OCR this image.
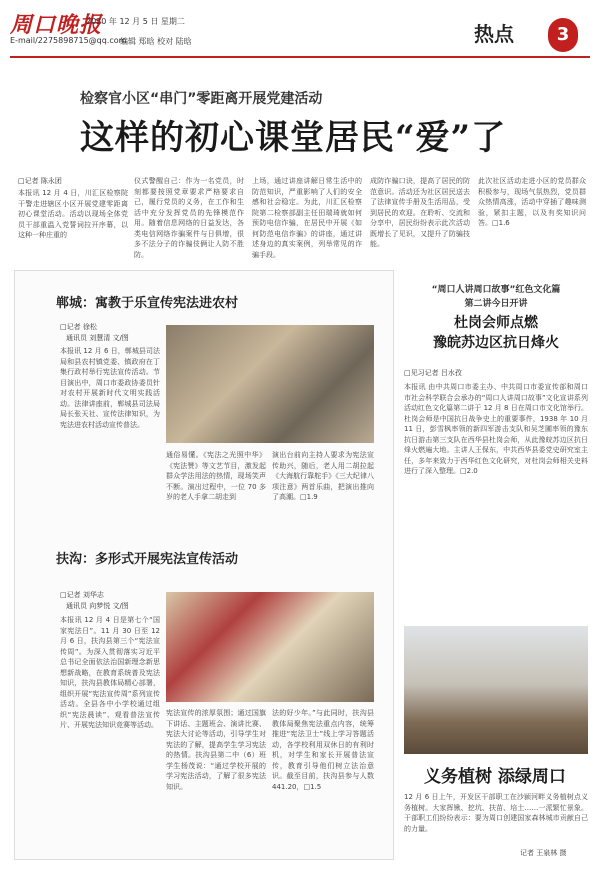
周口晚报
2020 年 12 月 5 日 星期二
E-mail/2275898715@qq.com
编辑 郑晗 校对 陆晗	热点	3
检察官小区“串门”零距离开展党建活动
这样的初心课堂居民“爱”了
□记者 陈永团
本报讯 12 月 4 日，川汇区检察院干警走进辖区小区开展党建零距离初心课堂活动。活动以现场全体党员干部重温入党誓词拉开序幕，以这种一种庄重的
仪式警醒自己：作为一名党员，时刻都要按照党章要求严格要求自己，履行党员的义务，在工作和生活中充分发挥党员的先锋模范作用。随着信息网络的日益发达，各类电信网络诈骗案件与日俱增，很多不法分子的诈骗伎俩让人防不胜防。
上场，通过讲座讲解日常生活中的防范知识，严重影响了人们的安全感和社会稳定。为此，川汇区检察院第二检察部副主任田瑞琦就如何预防电信诈骗，在居民中开展《如何防范电信诈骗》的讲座，通过讲述身边的真实案例，列举常见的诈骗手段。
成防诈骗口诀，提高了居民的防范意识。活动还为社区居民送去了法律宣传手册及生活用品，受到居民的欢迎。在聆听、交流和分享中，居民纷纷表示此次活动既增长了见识，又提升了防骗技能。
此次社区活动走进小区的党员群众积极参与，现场气氛热烈，党员群众热情高涨，活动中穿插了趣味测验，紧扣主题，以及有奖知识问答。□1.6
郸城：寓教于乐宣传宪法进农村
□记者 徐松
通讯员 刘慧清 文/图
本报讯 12 月 6 日，郸城县司法局和县农村镇党委、镇政府在丁集行政村举行宪法宣传活动。节目演出中，周口市委政协委员针对农村开展新时代文明实践活动。法律讲座前，郸城县司法局局长张天社、宣传法律知识，为宪法进农村活动宣传普法。
通俗易懂。《宪法之光照中华》《宪法赞》等文艺节目，激发起群众学法用法的热情，现场笑声不断。演出过程中，一位 70 多岁的老人手拿二胡走到
演出台前向主持人要求为宪法宣传助兴，随后，老人用二胡拉起《大海航行靠舵手》《三大纪律八项注意》两首乐曲，把演出推向了高潮。□1.9
扶沟：多形式开展宪法宣传活动
□记者 刘华志
通讯员 向梦悦 文/图
本报讯 12 月 4 日是第七个“国家宪法日”。11 月 30 日至 12 月 6 日，扶沟县第三个“宪法宣传周”。为深入贯彻落实习近平总书记全面依法治国新理念新思想新战略，在教育系统普及宪法知识，扶沟县教体局精心部署，组织开展“宪法宣传周”系列宣传活动。全县各中小学校通过组织“宪法晨读”、观看普法宣传片、开展宪法知识竞赛等活动。
宪法宣传的浓厚氛围；通过国旗下讲话、主题班会、演讲比赛、宪法大讨论等活动，引导学生对宪法的了解，提高学生学习宪法的热情。扶沟县第二中（6）班学生杨茂说：“通过学校开展的学习宪法活动，了解了很多宪法知识。
法的好少年。”与此同时，扶沟县教体局聚焦宪法重点内容，统筹推进“宪法卫士”线上学习答题活动，各学校利用双休日的有利时机，对学生和家长开展普法宣传，教育引导他们树立法治意识。截至目前，扶沟县参与人数 441.20，□1.5
“周口人讲周口故事”红色文化篇
第二讲今日开讲
杜岗会师点燃
豫皖苏边区抗日烽火
□见习记者 吕水孜
本报讯 由中共周口市委主办、中共周口市委宣传部和周口市社会科学联合会承办的“周口人讲周口故事”文化宣讲系列活动红色文化篇第二讲于 12 月 8 日在周口市文化馆举行。杜岗会师是中国抗日战争史上的重要事件，1938 年 10 月 11 日，彭雪枫率领的新四军游击支队和吴芝圃率领的豫东抗日游击第三支队在西华县杜岗会师，从此豫皖苏边区抗日烽火燃遍大地。主讲人王保东，中共西华县委党史研究室主任，多年来致力于西华红色文化研究，对杜岗会师相关史料进行了深入整理。□2.0
义务植树 添绿周口
12 月 6 日上午，开发区干部职工在沙颍河畔义务植树点义务植树。大家挥锹、挖坑、扶苗、培土……一派繁忙景象。干部职工们纷纷表示：要为周口创建国家森林城市贡献自己的力量。
记者 王泉林 摄
